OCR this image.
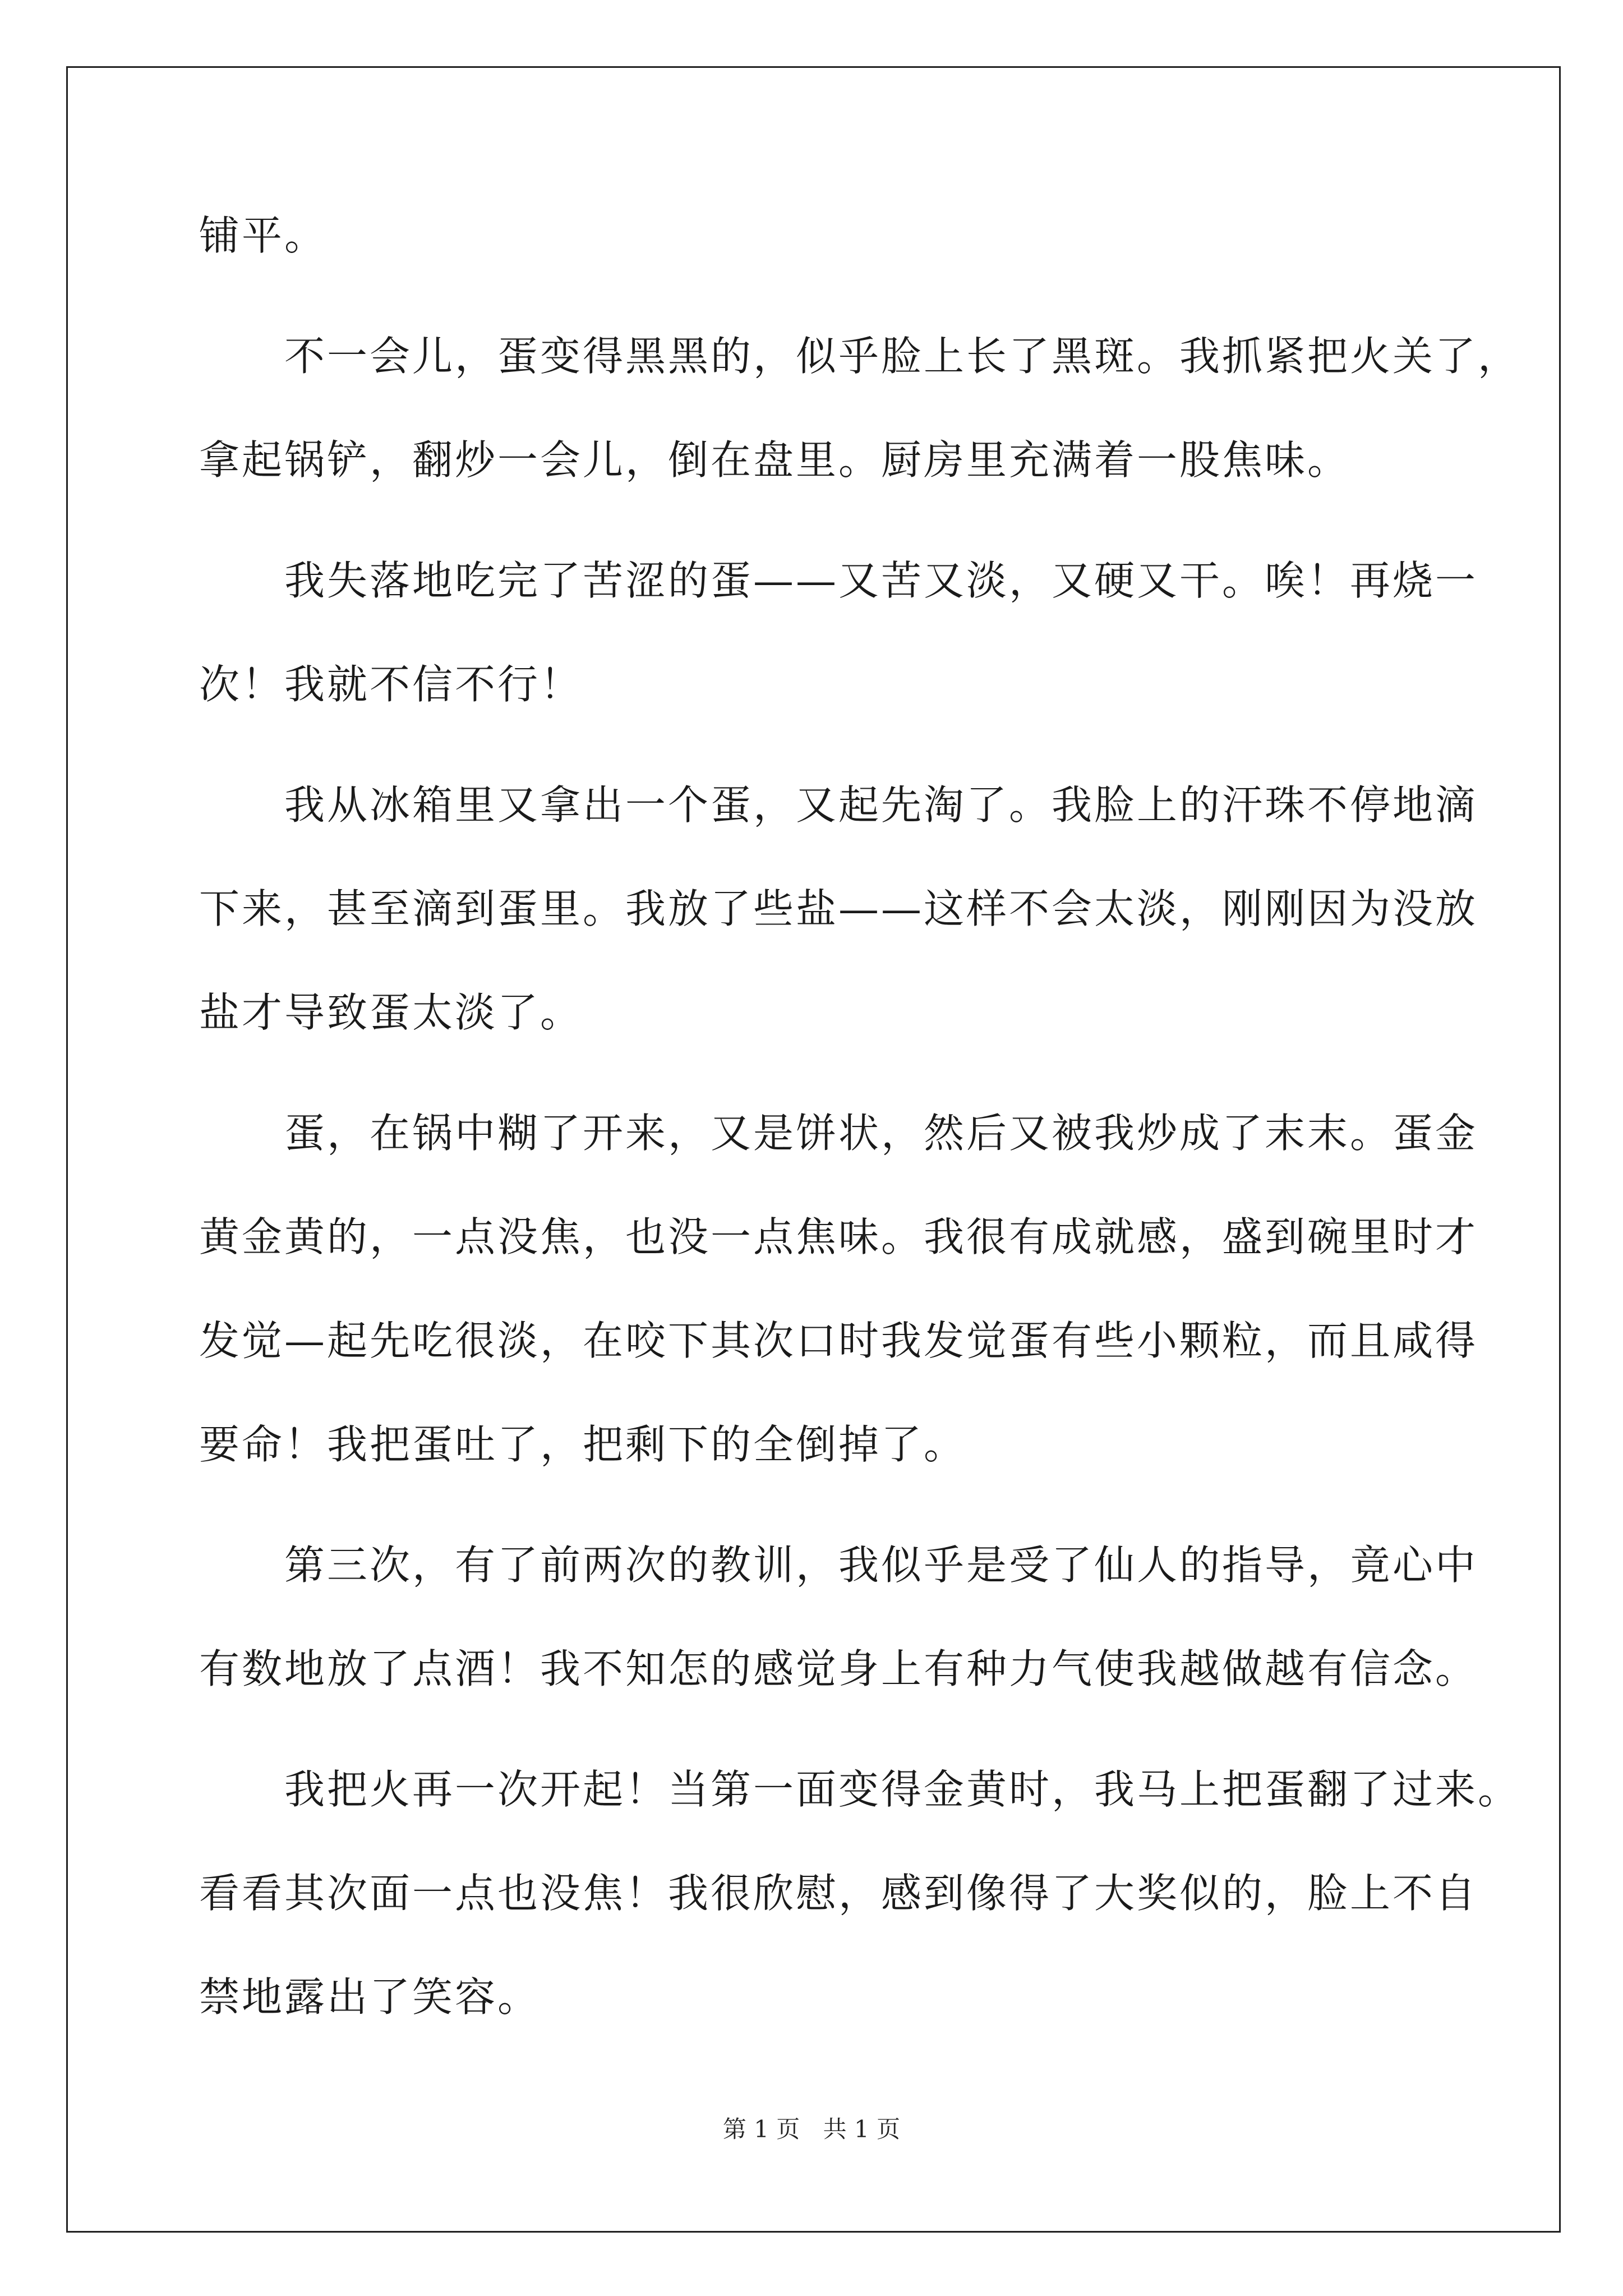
铺平。
　　不一会儿，蛋变得黑黑的，似乎脸上长了黑斑。我抓紧把火关了，
拿起锅铲，翻炒一会儿，倒在盘里。厨房里充满着一股焦味。
　　我失落地吃完了苦涩的蛋——又苦又淡，又硬又干。唉！再烧一
次！我就不信不行！
　　我从冰箱里又拿出一个蛋，又起先淘了。我脸上的汗珠不停地滴
下来，甚至滴到蛋里。我放了些盐——这样不会太淡，刚刚因为没放
盐才导致蛋太淡了。
　　蛋，在锅中糊了开来，又是饼状，然后又被我炒成了末末。蛋金
黄金黄的，一点没焦，也没一点焦味。我很有成就感，盛到碗里时才
发觉—起先吃很淡，在咬下其次口时我发觉蛋有些小颗粒，而且咸得
要命！我把蛋吐了，把剩下的全倒掉了。
　　第三次，有了前两次的教训，我似乎是受了仙人的指导，竟心中
有数地放了点酒！我不知怎的感觉身上有种力气使我越做越有信念。
　　我把火再一次开起！当第一面变得金黄时，我马上把蛋翻了过来。
看看其次面一点也没焦！我很欣慰，感到像得了大奖似的，脸上不自
禁地露出了笑容。
第 1 页 共 1 页
